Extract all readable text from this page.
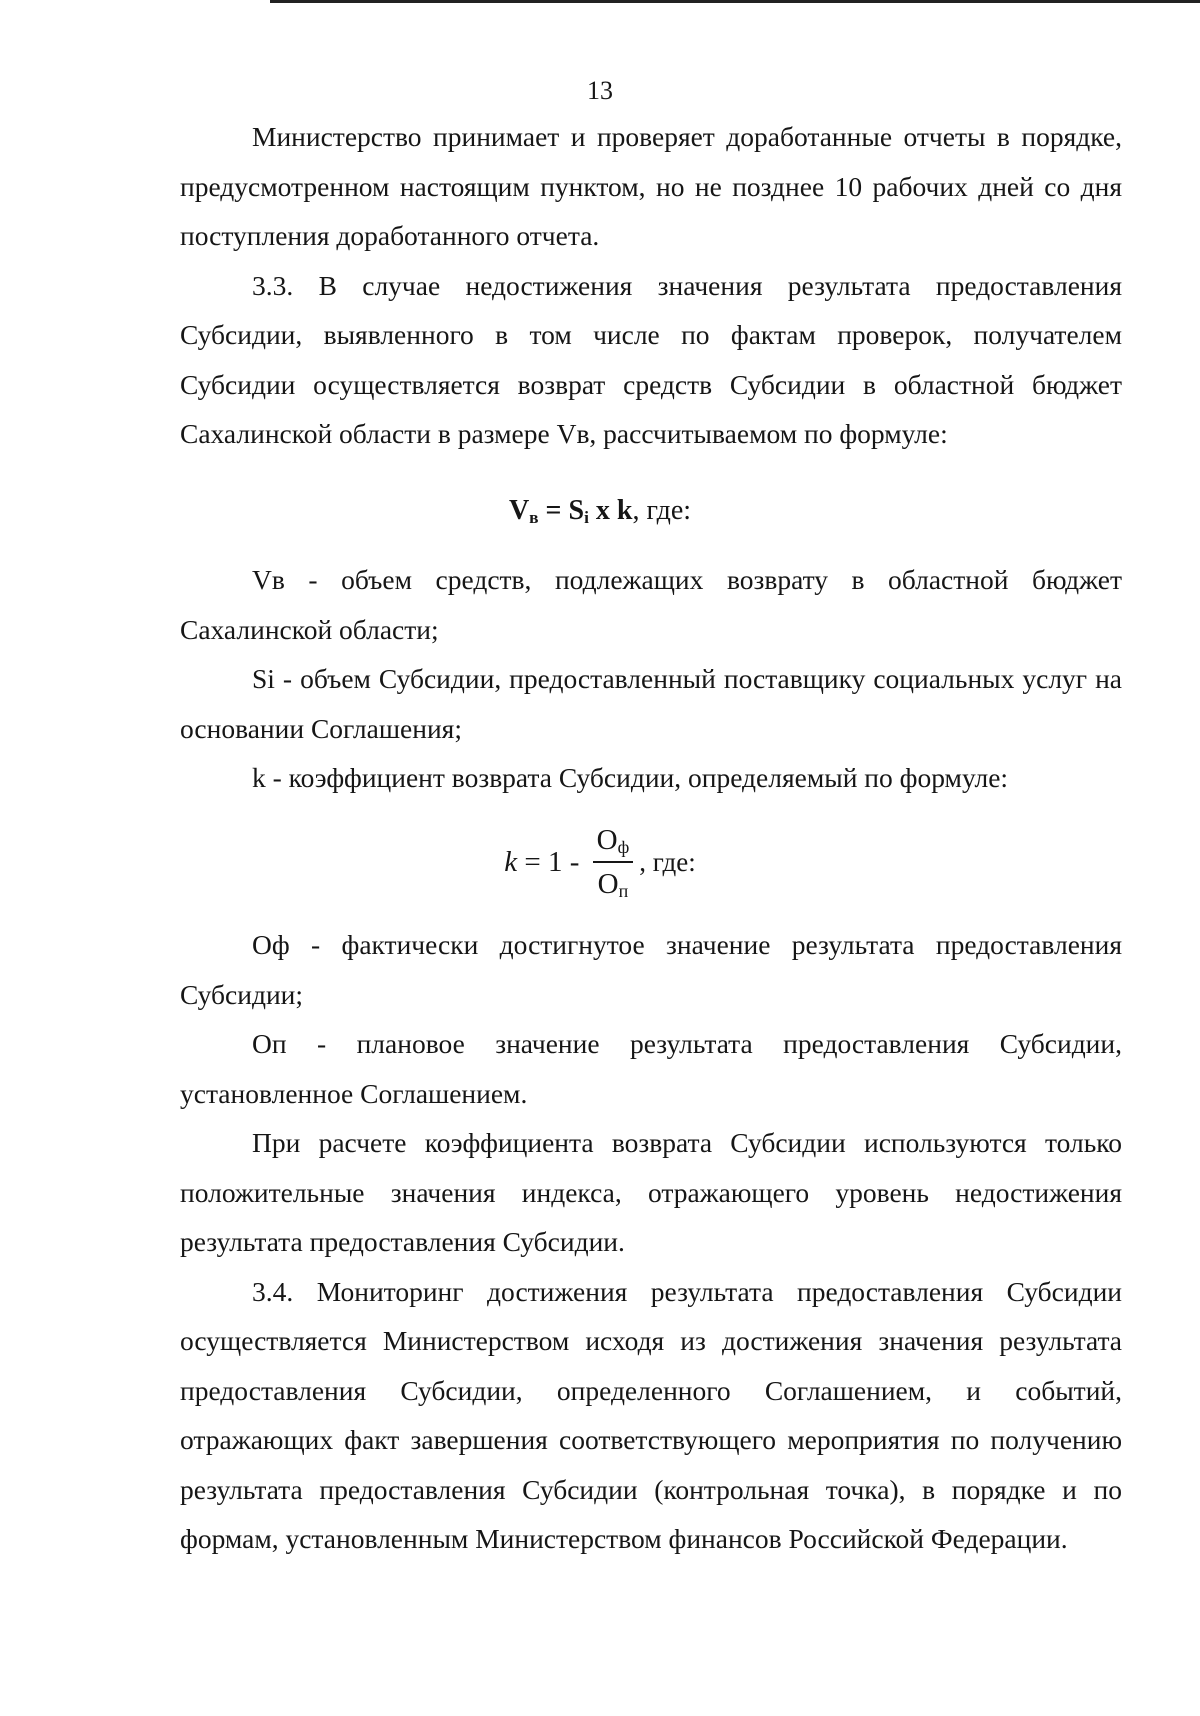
13

Министерство принимает и проверяет доработанные отчеты в порядке, предусмотренном настоящим пунктом, но не позднее 10 рабочих дней со дня поступления доработанного отчета.

3.3. В случае недостижения значения результата предоставления Субсидии, выявленного в том числе по фактам проверок, получателем Субсидии осуществляется возврат средств Субсидии в областной бюджет Сахалинской области в размере Vв, рассчитываемом по формуле:

$V_в = S_i$ x k, где:

Vв - объем средств, подлежащих возврату в областной бюджет Сахалинской области;

Si - объем Субсидии, предоставленный поставщику социальных услуг на основании Соглашения;

k - коэффициент возврата Субсидии, определяемый по формуле:

$k = 1 - \frac{О_ф}{О_п}$ , где:

Оф - фактически достигнутое значение результата предоставления Субсидии;

Оп - плановое значение результата предоставления Субсидии, установленное Соглашением.

При расчете коэффициента возврата Субсидии используются только положительные значения индекса, отражающего уровень недостижения результата предоставления Субсидии.

3.4. Мониторинг достижения результата предоставления Субсидии осуществляется Министерством исходя из достижения значения результата предоставления Субсидии, определенного Соглашением, и событий, отражающих факт завершения соответствующего мероприятия по получению результата предоставления Субсидии (контрольная точка), в порядке и по формам, установленным Министерством финансов Российской Федерации.
